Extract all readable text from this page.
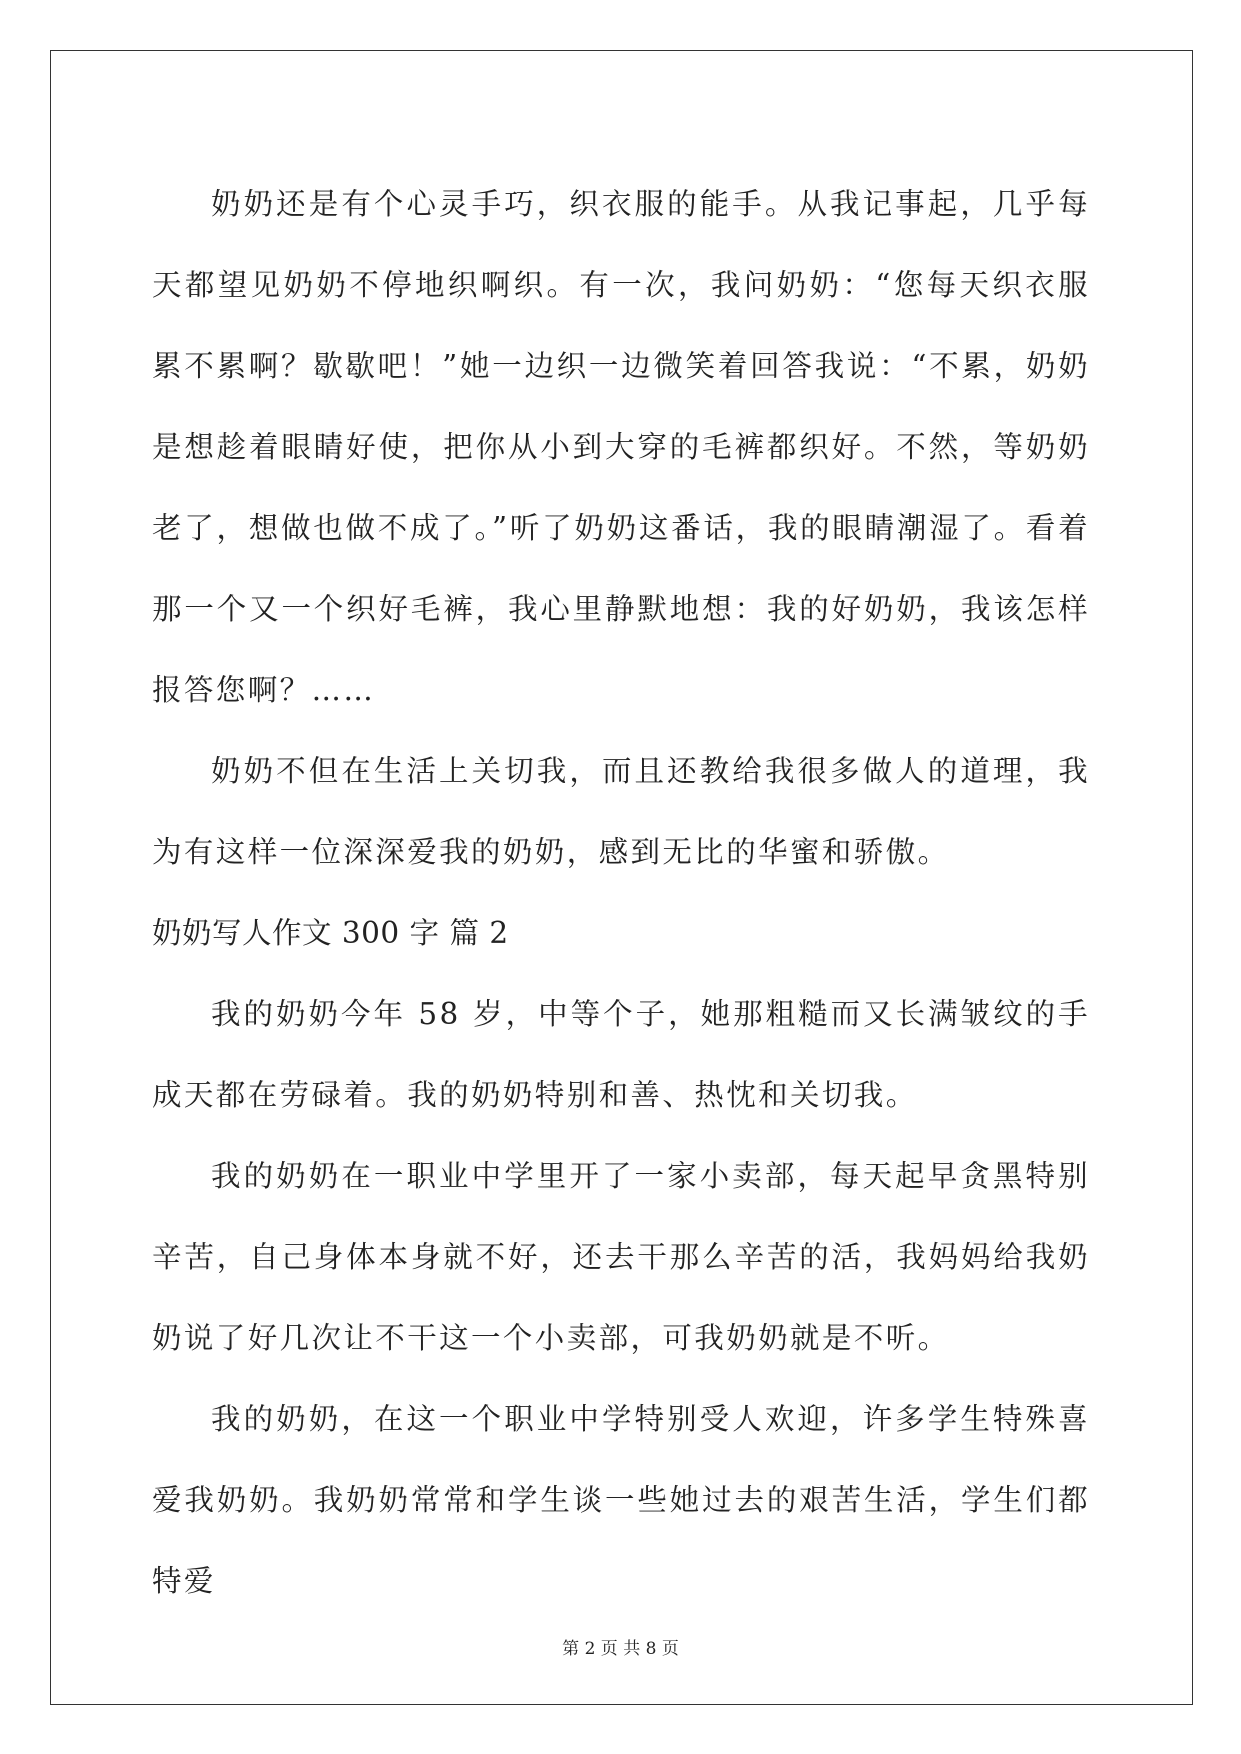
奶奶还是有个心灵手巧，织衣服的能手。从我记事起，几乎每天都望见奶奶不停地织啊织。有一次，我问奶奶：“您每天织衣服累不累啊？歇歇吧！”她一边织一边微笑着回答我说：“不累，奶奶是想趁着眼睛好使，把你从小到大穿的毛裤都织好。不然，等奶奶老了，想做也做不成了。”听了奶奶这番话，我的眼睛潮湿了。看着那一个又一个织好毛裤，我心里静默地想：我的好奶奶，我该怎样报答您啊？……

奶奶不但在生活上关切我，而且还教给我很多做人的道理，我为有这样一位深深爱我的奶奶，感到无比的华蜜和骄傲。

奶奶写人作文 300 字 篇 2

我的奶奶今年 58 岁，中等个子，她那粗糙而又长满皱纹的手成天都在劳碌着。我的奶奶特别和善、热忱和关切我。

我的奶奶在一职业中学里开了一家小卖部，每天起早贪黑特别辛苦，自己身体本身就不好，还去干那么辛苦的活，我妈妈给我奶奶说了好几次让不干这一个小卖部，可我奶奶就是不听。

我的奶奶，在这一个职业中学特别受人欢迎，许多学生特殊喜爱我奶奶。我奶奶常常和学生谈一些她过去的艰苦生活，学生们都特爱

第 2 页 共 8 页
